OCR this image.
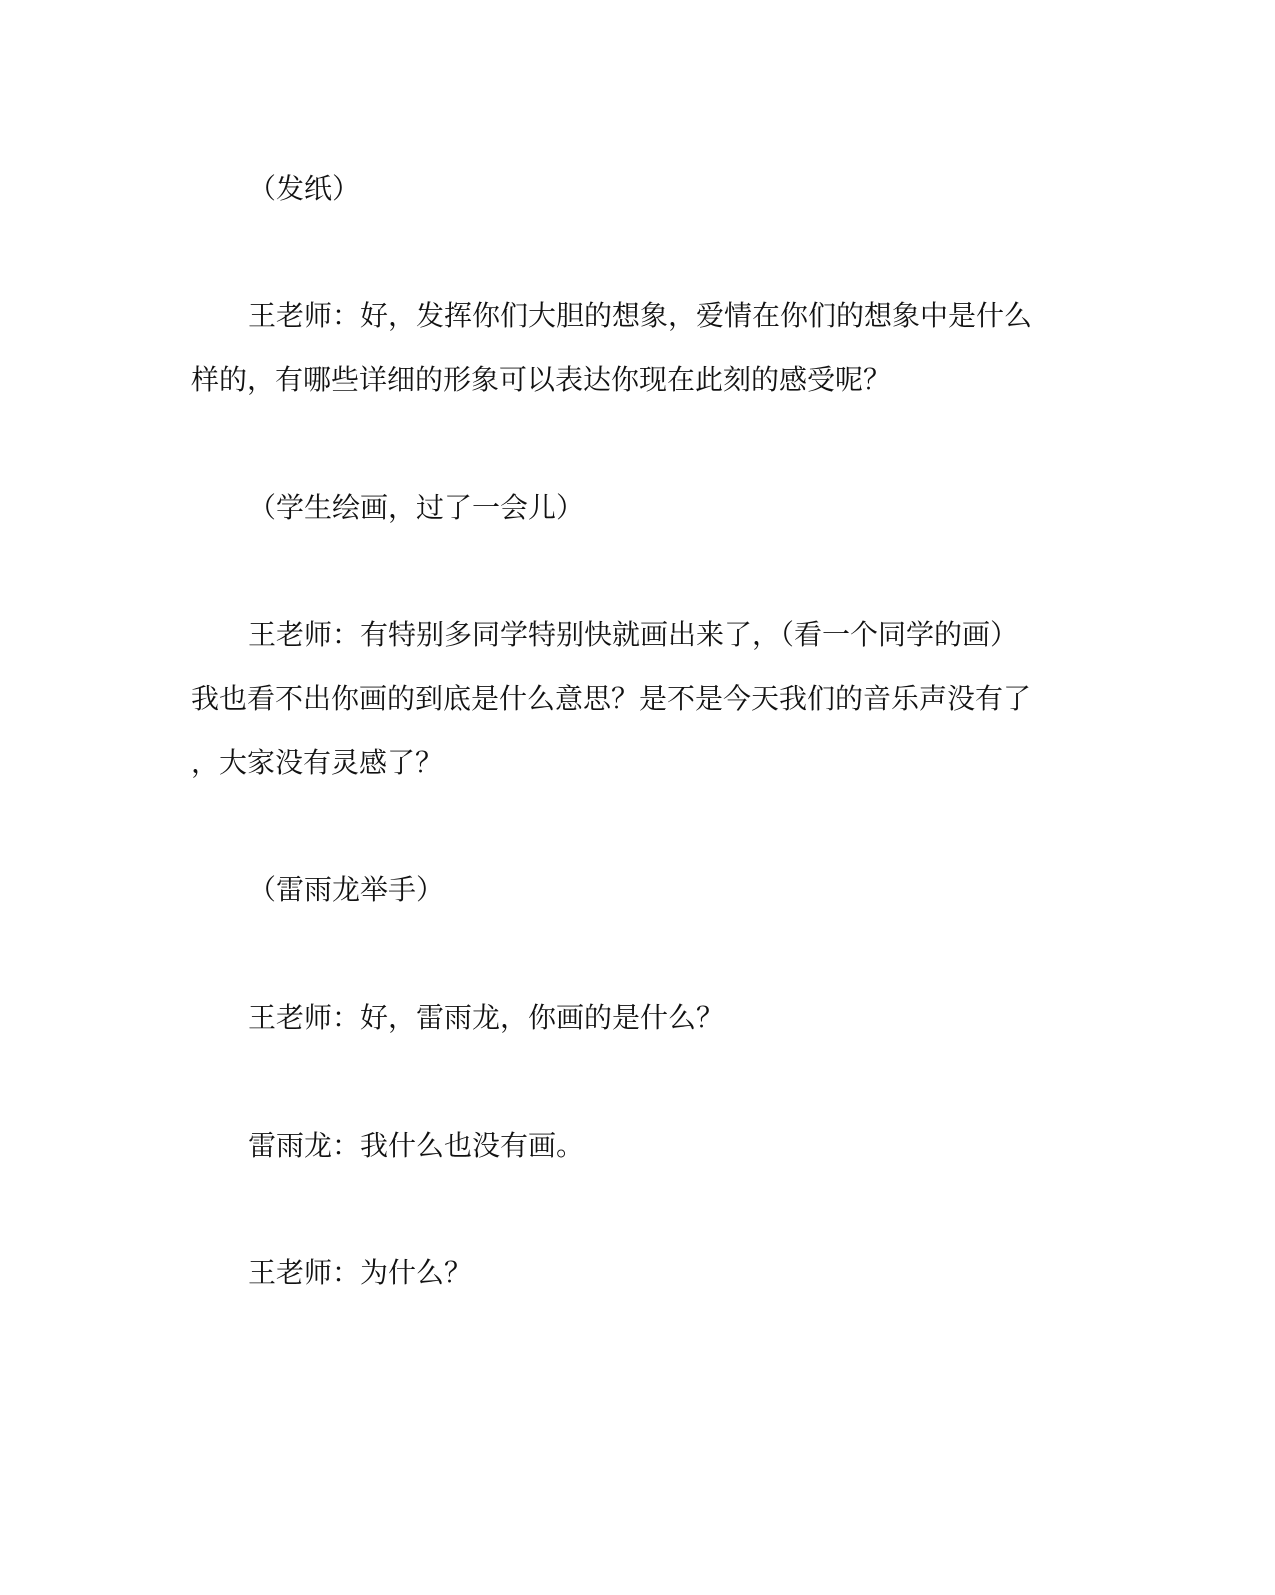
（发纸）
王老师：好，发挥你们大胆的想象，爱情在你们的想象中是什么
样的，有哪些详细的形象可以表达你现在此刻的感受呢？
（学生绘画，过了一会儿）
王老师：有特别多同学特别快就画出来了，（看一个同学的画）
我也看不出你画的到底是什么意思？是不是今天我们的音乐声没有了
，大家没有灵感了？
（雷雨龙举手）
王老师：好，雷雨龙，你画的是什么？
雷雨龙：我什么也没有画。
王老师：为什么？
